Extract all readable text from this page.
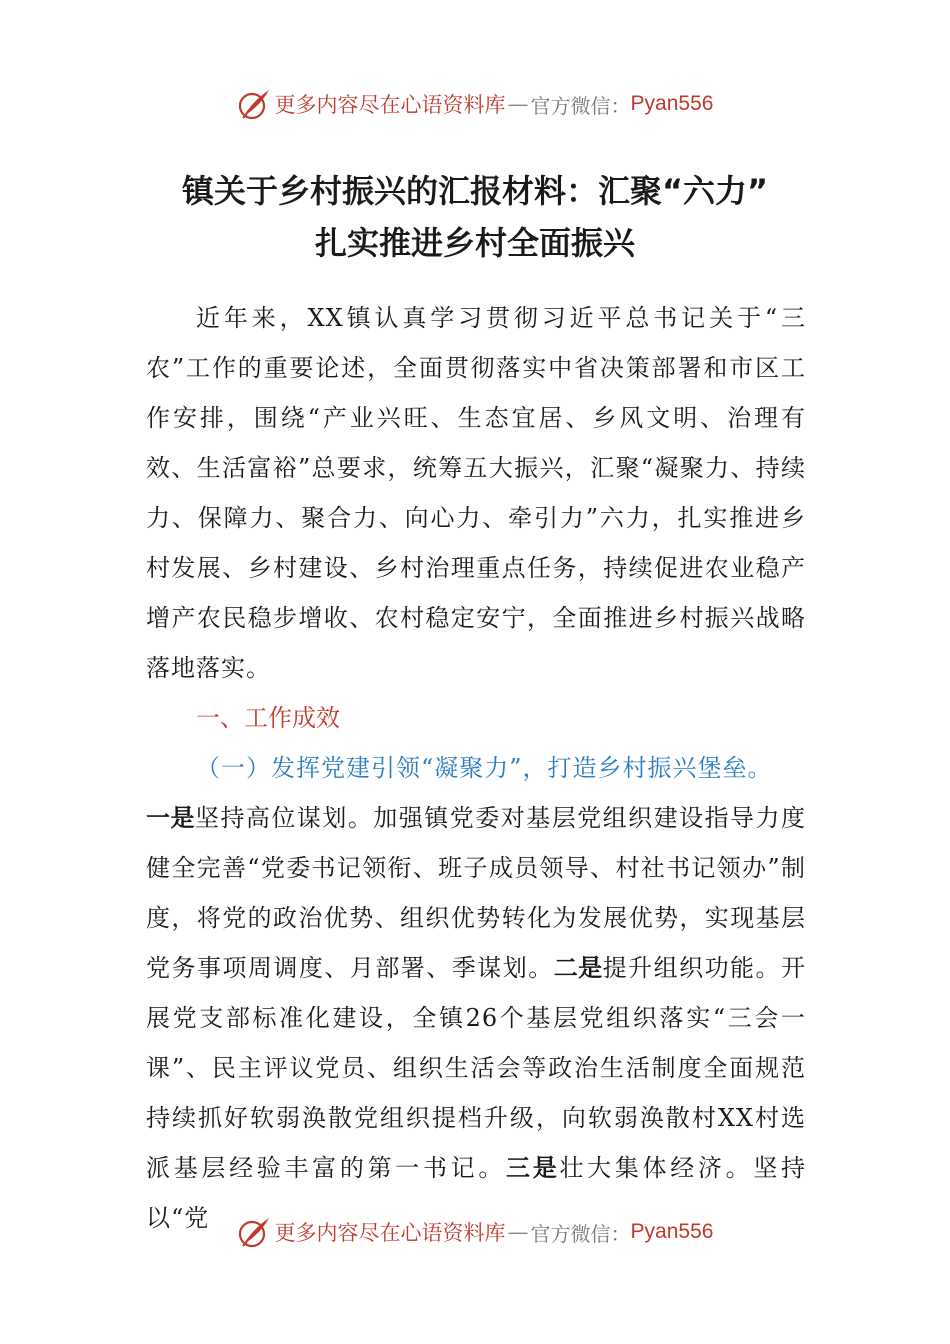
更多内容尽在心语资料库 — 官方微信： Pyan556
镇关于乡村振兴的汇报材料：汇聚“六力”
扎实推进乡村全面振兴

近年来，XX镇认真学习贯彻习近平总书记关于“三农”工作的重要论述，全面贯彻落实中省决策部署和市区工作安排，围绕“产业兴旺、生态宜居、乡风文明、治理有效、生活富裕”总要求，统筹五大振兴，汇聚“凝聚力、持续力、保障力、聚合力、向心力、牵引力”六力，扎实推进乡村发展、乡村建设、乡村治理重点任务，持续促进农业稳产增产农民稳步增收、农村稳定安宁，全面推进乡村振兴战略落地落实。

一、工作成效

（一）发挥党建引领“凝聚力”，打造乡村振兴堡垒。

一是坚持高位谋划。加强镇党委对基层党组织建设指导力度健全完善“党委书记领衔、班子成员领导、村社书记领办”制度，将党的政治优势、组织优势转化为发展优势，实现基层党务事项周调度、月部署、季谋划。二是提升组织功能。开展党支部标准化建设，全镇26个基层党组织落实“三会一课”、民主评议党员、组织生活会等政治生活制度全面规范持续抓好软弱涣散党组织提档升级，向软弱涣散村XX村选派基层经验丰富的第一书记。三是壮大集体经济。坚持以“党

更多内容尽在心语资料库 — 官方微信： Pyan556
